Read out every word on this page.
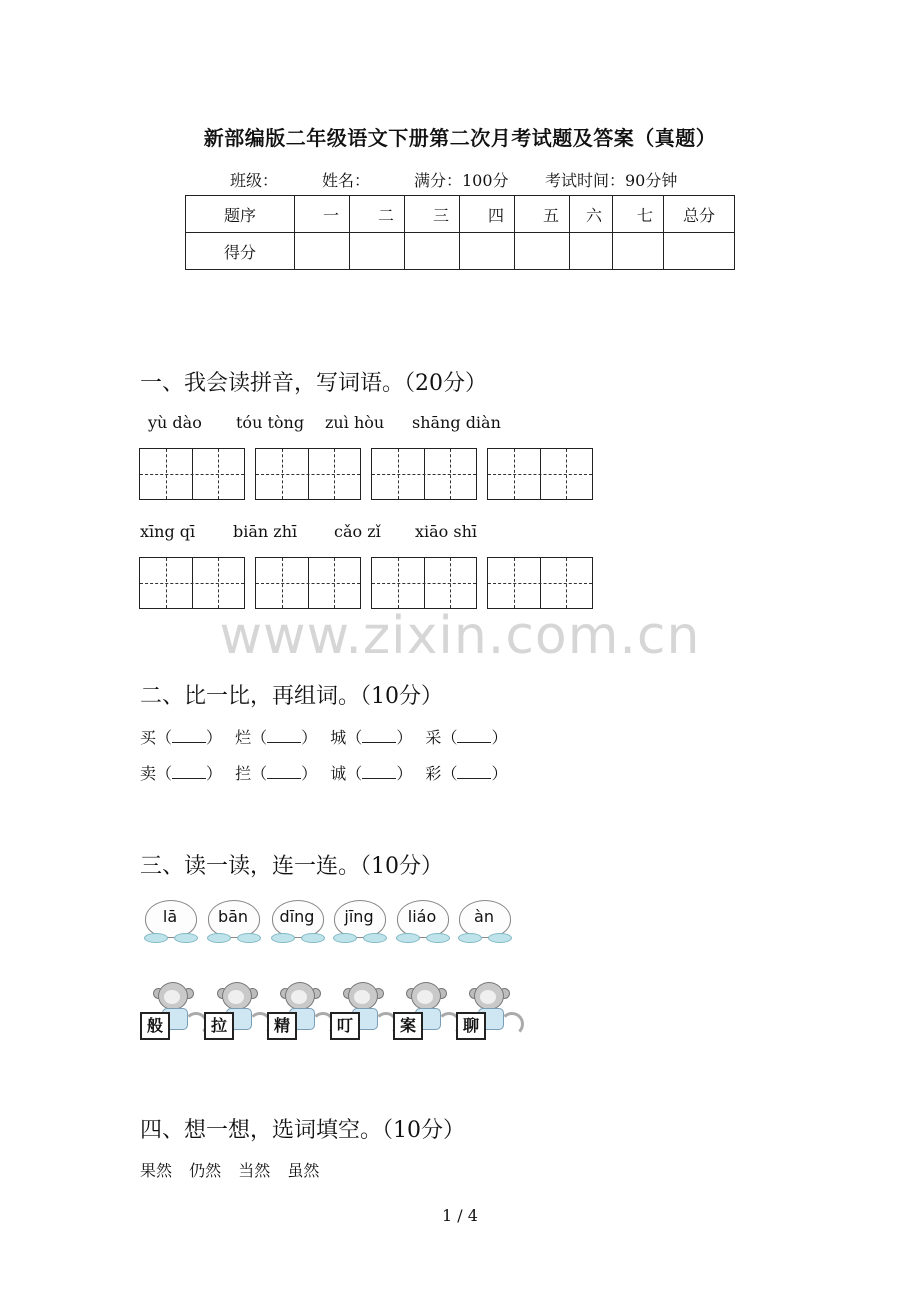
新部编版二年级语文下册第二次月考试题及答案（真题）
班级：	姓名：	满分：100分 考试时间：90分钟
题序	一	二	三	四	五	六	七	总分
得分								
一、我会读拼音，写词语。（20分）
yù dào tóu tòng zuì hòu shāng diàn
xīng qī biān zhī cǎo zǐ xiāo shī
www.zixin.com.cn
二、比一比，再组词。（10分）
买（ ） 烂（ ） 城（ ） 采（ ）
卖（ ） 拦（ ） 诚（ ） 彩（ ）
三、读一读，连一连。（10分）
lā	bān	dīng	jīng	liáo	àn
般	拉	精	叮	案	聊
四、想一想，选词填空。（10分）
果然 仍然 当然 虽然
1 / 4
